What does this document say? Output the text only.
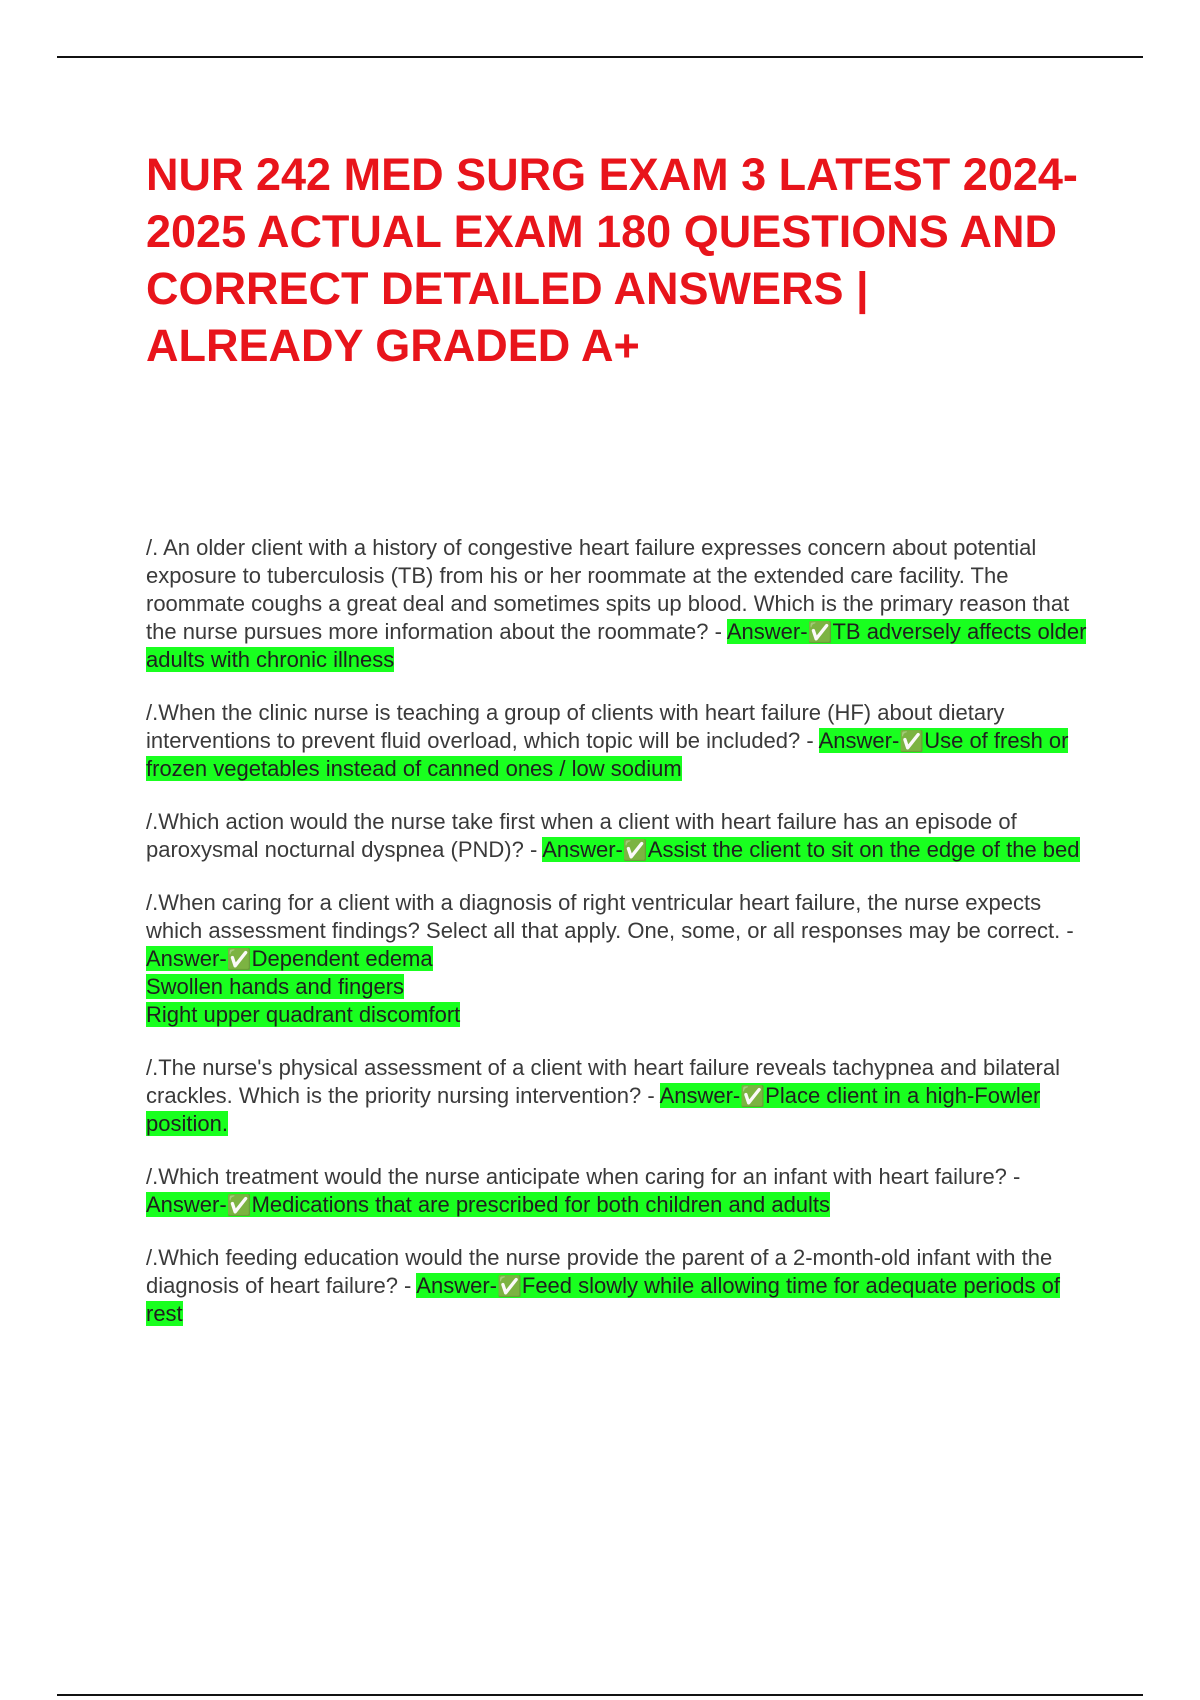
NUR 242 MED SURG EXAM 3 LATEST 2024-2025 ACTUAL EXAM 180 QUESTIONS AND CORRECT DETAILED ANSWERS | ALREADY GRADED A+

/. An older client with a history of congestive heart failure expresses concern about potential exposure to tuberculosis (TB) from his or her roommate at the extended care facility. The roommate coughs a great deal and sometimes spits up blood. Which is the primary reason that the nurse pursues more information about the roommate? - Answer-✅TB adversely affects older adults with chronic illness

/.When the clinic nurse is teaching a group of clients with heart failure (HF) about dietary interventions to prevent fluid overload, which topic will be included? - Answer-✅Use of fresh or frozen vegetables instead of canned ones / low sodium

/.Which action would the nurse take first when a client with heart failure has an episode of paroxysmal nocturnal dyspnea (PND)? - Answer-✅Assist the client to sit on the edge of the bed

/.When caring for a client with a diagnosis of right ventricular heart failure, the nurse expects which assessment findings? Select all that apply. One, some, or all responses may be correct. - Answer-✅Dependent edema
Swollen hands and fingers
Right upper quadrant discomfort

/.The nurse's physical assessment of a client with heart failure reveals tachypnea and bilateral crackles. Which is the priority nursing intervention? - Answer-✅Place client in a high-Fowler position.

/.Which treatment would the nurse anticipate when caring for an infant with heart failure? - Answer-✅Medications that are prescribed for both children and adults

/.Which feeding education would the nurse provide the parent of a 2-month-old infant with the diagnosis of heart failure? - Answer-✅Feed slowly while allowing time for adequate periods of rest
